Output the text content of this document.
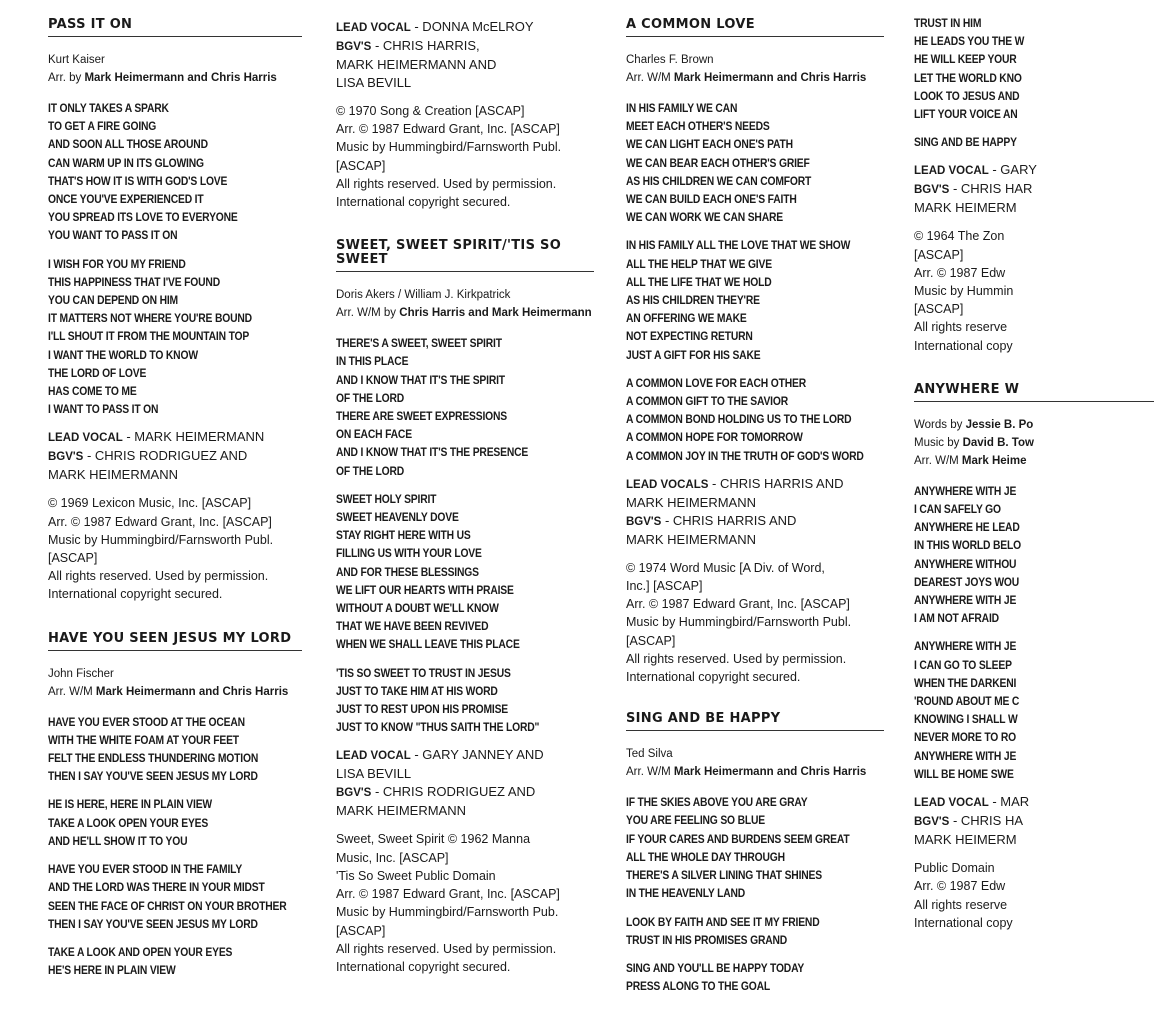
PASS IT ON
Kurt Kaiser
Arr. by Mark Heimermann and Chris Harris
IT ONLY TAKES A SPARK
TO GET A FIRE GOING
AND SOON ALL THOSE AROUND
CAN WARM UP IN ITS GLOWING
THAT'S HOW IT IS WITH GOD'S LOVE
ONCE YOU'VE EXPERIENCED IT
YOU SPREAD ITS LOVE TO EVERYONE
YOU WANT TO PASS IT ON
I WISH FOR YOU MY FRIEND
THIS HAPPINESS THAT I'VE FOUND
YOU CAN DEPEND ON HIM
IT MATTERS NOT WHERE YOU'RE BOUND
I'LL SHOUT IT FROM THE MOUNTAIN TOP
I WANT THE WORLD TO KNOW
THE LORD OF LOVE
HAS COME TO ME
I WANT TO PASS IT ON
LEAD VOCAL - MARK HEIMERMANN
BGV'S - CHRIS RODRIGUEZ AND
MARK HEIMERMANN
© 1969 Lexicon Music, Inc. [ASCAP]
Arr. © 1987 Edward Grant, Inc. [ASCAP]
Music by Hummingbird/Farnsworth Publ.
[ASCAP]
All rights reserved. Used by permission.
International copyright secured.
HAVE YOU SEEN JESUS MY LORD
John Fischer
Arr. W/M Mark Heimermann and Chris Harris
HAVE YOU EVER STOOD AT THE OCEAN
WITH THE WHITE FOAM AT YOUR FEET
FELT THE ENDLESS THUNDERING MOTION
THEN I SAY YOU'VE SEEN JESUS MY LORD
HE IS HERE, HERE IN PLAIN VIEW
TAKE A LOOK OPEN YOUR EYES
AND HE'LL SHOW IT TO YOU
HAVE YOU EVER STOOD IN THE FAMILY
AND THE LORD WAS THERE IN YOUR MIDST
SEEN THE FACE OF CHRIST ON YOUR BROTHER
THEN I SAY YOU'VE SEEN JESUS MY LORD
TAKE A LOOK AND OPEN YOUR EYES
HE'S HERE IN PLAIN VIEW
LEAD VOCAL - DONNA McELROY
BGV'S - CHRIS HARRIS,
MARK HEIMERMANN AND
LISA BEVILL
© 1970 Song & Creation [ASCAP]
Arr. © 1987 Edward Grant, Inc. [ASCAP]
Music by Hummingbird/Farnsworth Publ.
[ASCAP]
All rights reserved. Used by permission.
International copyright secured.
SWEET, SWEET SPIRIT/'TIS SO
SWEET
Doris Akers / William J. Kirkpatrick
Arr. W/M by Chris Harris and Mark Heimermann
THERE'S A SWEET, SWEET SPIRIT
IN THIS PLACE
AND I KNOW THAT IT'S THE SPIRIT
OF THE LORD
THERE ARE SWEET EXPRESSIONS
ON EACH FACE
AND I KNOW THAT IT'S THE PRESENCE
OF THE LORD
SWEET HOLY SPIRIT
SWEET HEAVENLY DOVE
STAY RIGHT HERE WITH US
FILLING US WITH YOUR LOVE
AND FOR THESE BLESSINGS
WE LIFT OUR HEARTS WITH PRAISE
WITHOUT A DOUBT WE'LL KNOW
THAT WE HAVE BEEN REVIVED
WHEN WE SHALL LEAVE THIS PLACE
'TIS SO SWEET TO TRUST IN JESUS
JUST TO TAKE HIM AT HIS WORD
JUST TO REST UPON HIS PROMISE
JUST TO KNOW "THUS SAITH THE LORD"
LEAD VOCAL - GARY JANNEY AND
LISA BEVILL
BGV'S - CHRIS RODRIGUEZ AND
MARK HEIMERMANN
Sweet, Sweet Spirit © 1962 Manna
Music, Inc. [ASCAP]
'Tis So Sweet Public Domain
Arr. © 1987 Edward Grant, Inc. [ASCAP]
Music by Hummingbird/Farnsworth Pub.
[ASCAP]
All rights reserved. Used by permission.
International copyright secured.
A COMMON LOVE
Charles F. Brown
Arr. W/M Mark Heimermann and Chris Harris
IN HIS FAMILY WE CAN
MEET EACH OTHER'S NEEDS
WE CAN LIGHT EACH ONE'S PATH
WE CAN BEAR EACH OTHER'S GRIEF
AS HIS CHILDREN WE CAN COMFORT
WE CAN BUILD EACH ONE'S FAITH
WE CAN WORK WE CAN SHARE
IN HIS FAMILY ALL THE LOVE THAT WE SHOW
ALL THE HELP THAT WE GIVE
ALL THE LIFE THAT WE HOLD
AS HIS CHILDREN THEY'RE
AN OFFERING WE MAKE
NOT EXPECTING RETURN
JUST A GIFT FOR HIS SAKE
A COMMON LOVE FOR EACH OTHER
A COMMON GIFT TO THE SAVIOR
A COMMON BOND HOLDING US TO THE LORD
A COMMON HOPE FOR TOMORROW
A COMMON JOY IN THE TRUTH OF GOD'S WORD
LEAD VOCALS - CHRIS HARRIS AND
MARK HEIMERMANN
BGV'S - CHRIS HARRIS AND
MARK HEIMERMANN
© 1974 Word Music [A Div. of Word,
Inc.] [ASCAP]
Arr. © 1987 Edward Grant, Inc. [ASCAP]
Music by Hummingbird/Farnsworth Publ.
[ASCAP]
All rights reserved. Used by permission.
International copyright secured.
SING AND BE HAPPY
Ted Silva
Arr. W/M Mark Heimermann and Chris Harris
IF THE SKIES ABOVE YOU ARE GRAY
YOU ARE FEELING SO BLUE
IF YOUR CARES AND BURDENS SEEM GREAT
ALL THE WHOLE DAY THROUGH
THERE'S A SILVER LINING THAT SHINES
IN THE HEAVENLY LAND
LOOK BY FAITH AND SEE IT MY FRIEND
TRUST IN HIS PROMISES GRAND
SING AND YOU'LL BE HAPPY TODAY
PRESS ALONG TO THE GOAL
TRUST IN HIM
HE LEADS YOU THE W
HE WILL KEEP YOUR
LET THE WORLD KNO
LOOK TO JESUS AND
LIFT YOUR VOICE AN
SING AND BE HAPPY
LEAD VOCAL - GARY
BGV'S - CHRIS HAR
MARK HEIMERM
© 1964 The Zon
[ASCAP]
Arr. © 1987 Edw
Music by Hummin
[ASCAP]
All rights reserve
International copy
ANYWHERE W
Words by Jessie B. Po
Music by David B. Tow
Arr. W/M Mark Heime
ANYWHERE WITH JE
I CAN SAFELY GO
ANYWHERE HE LEAD
IN THIS WORLD BELO
ANYWHERE WITHOU
DEAREST JOYS WOU
ANYWHERE WITH JE
I AM NOT AFRAID
ANYWHERE WITH JE
I CAN GO TO SLEEP
WHEN THE DARKENI
'ROUND ABOUT ME C
KNOWING I SHALL W
NEVER MORE TO RO
ANYWHERE WITH JE
WILL BE HOME SWE
LEAD VOCAL - MAR
BGV'S - CHRIS HA
MARK HEIMERM
Public Domain
Arr. © 1987 Edw
All rights reserve
International copy
